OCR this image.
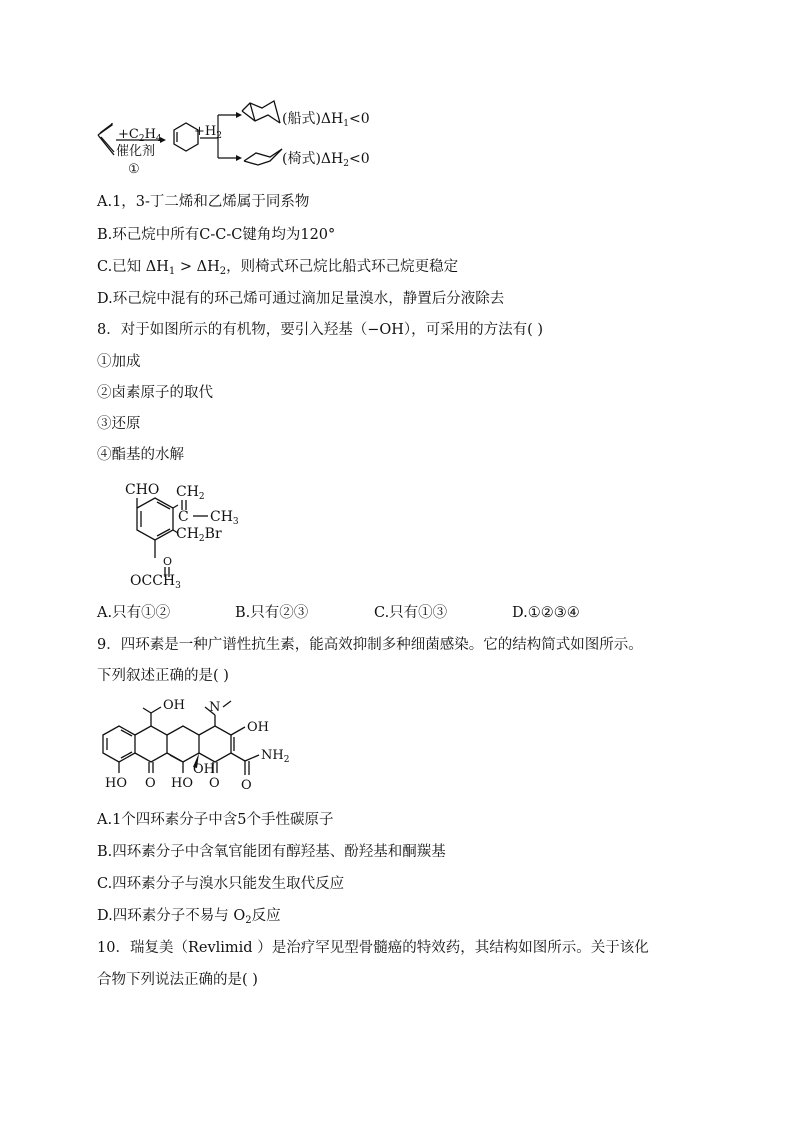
$+C_2H_4$
催化剂
①
$+H_2$
(船式)$\Delta H_1<0$
(椅式)$\Delta H_2<0$
A.1，3-丁二烯和乙烯属于同系物
B.环己烷中所有C-C-C键角均为120°
C.已知 $\Delta H_1 > \Delta H_2$，则椅式环己烷比船式环己烷更稳定
D.环己烷中混有的环己烯可通过滴加足量溴水，静置后分液除去
8．对于如图所示的有机物，要引入羟基（−OH），可采用的方法有( )
①加成
②卤素原子的取代
③还原
④酯基的水解
CHO $CH_2$
C $CH_3$
$CH_2Br$
O
$OCCH_3$
A.只有①②	B.只有②③	C.只有①③	D.①②③④
9．四环素是一种广谱性抗生素，能高效抑制多种细菌感染。它的结构简式如图所示。
下列叙述正确的是( )
OH N
OH
$NH_2$
HO O HO
OH
O O
A.1个四环素分子中含5个手性碳原子
B.四环素分子中含氧官能团有醇羟基、酚羟基和酮羰基
C.四环素分子与溴水只能发生取代反应
D.四环素分子不易与 $O_2$反应
10．瑞复美（Revlimid ）是治疗罕见型骨髓癌的特效药，其结构如图所示。关于该化
合物下列说法正确的是( )
